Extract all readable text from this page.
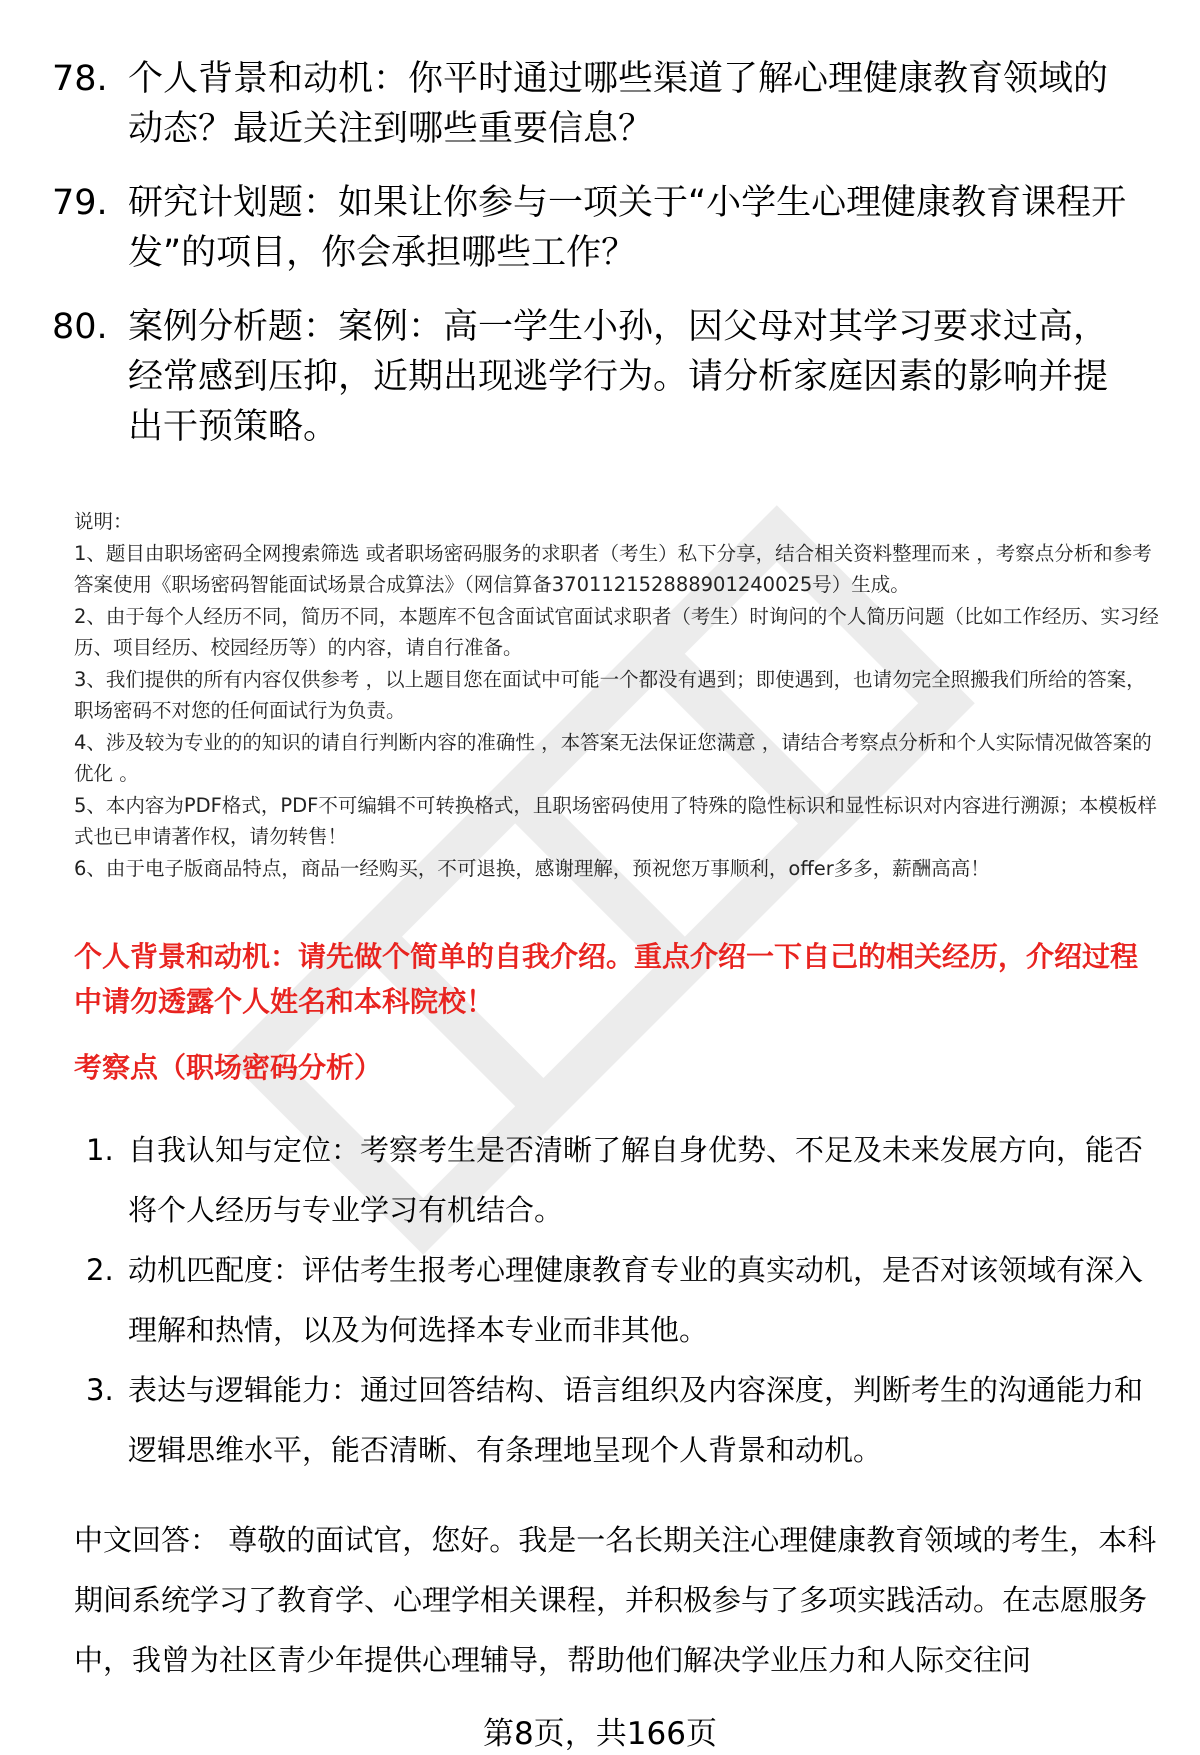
78. 个人背景和动机：你平时通过哪些渠道了解心理健康教育领域的动态？最近关注到哪些重要信息？
79. 研究计划题：如果让你参与一项关于“小学生心理健康教育课程开发”的项目，你会承担哪些工作？
80. 案例分析题：案例：高一学生小孙，因父母对其学习要求过高，经常感到压抑，近期出现逃学行为。请分析家庭因素的影响并提出干预策略。
说明：
1、题目由职场密码全网搜索筛选 或者职场密码服务的求职者（考生）私下分享，结合相关资料整理而来 ，考察点分析和参考答案使用《职场密码智能面试场景合成算法》（网信算备370112152888901240025号）生成。
2、由于每个人经历不同，简历不同，本题库不包含面试官面试求职者（考生）时询问的个人简历问题（比如工作经历、实习经历、项目经历、校园经历等）的内容，请自行准备。
3、我们提供的所有内容仅供参考 ，以上题目您在面试中可能一个都没有遇到；即使遇到，也请勿完全照搬我们所给的答案，职场密码不对您的任何面试行为负责。
4、涉及较为专业的的知识的请自行判断内容的准确性 ，本答案无法保证您满意 ，请结合考察点分析和个人实际情况做答案的优化 。
5、本内容为PDF格式，PDF不可编辑不可转换格式，且职场密码使用了特殊的隐性标识和显性标识对内容进行溯源；本模板样式也已申请著作权，请勿转售！
6、由于电子版商品特点，商品一经购买，不可退换，感谢理解，预祝您万事顺利，offer多多，薪酬高高！
个人背景和动机：请先做个简单的自我介绍。重点介绍一下自己的相关经历，介绍过程中请勿透露个人姓名和本科院校！
考察点（职场密码分析）
1. 自我认知与定位：考察考生是否清晰了解自身优势、不足及未来发展方向，能否将个人经历与专业学习有机结合。
2. 动机匹配度：评估考生报考心理健康教育专业的真实动机，是否对该领域有深入理解和热情，以及为何选择本专业而非其他。
3. 表达与逻辑能力：通过回答结构、语言组织及内容深度，判断考生的沟通能力和逻辑思维水平，能否清晰、有条理地呈现个人背景和动机。
中文回答： 尊敬的面试官，您好。我是一名长期关注心理健康教育领域的考生，本科期间系统学习了教育学、心理学相关课程，并积极参与了多项实践活动。在志愿服务中，我曾为社区青少年提供心理辅导，帮助他们解决学业压力和人际交往问
第8页，共166页
